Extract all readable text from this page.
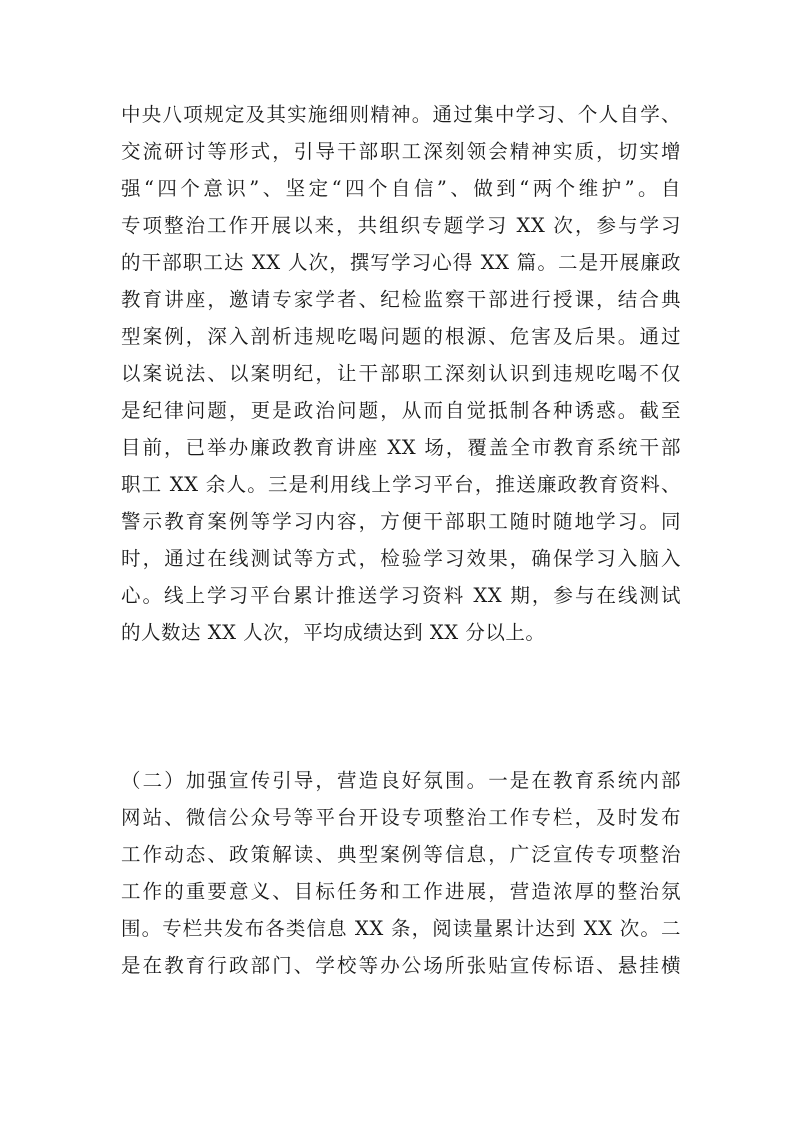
中央八项规定及其实施细则精神。通过集中学习、个人自学、
交流研讨等形式，引导干部职工深刻领会精神实质，切实增
强“四个意识”、坚定“四个自信”、做到“两个维护”。自
专项整治工作开展以来，共组织专题学习 XX 次，参与学习
的干部职工达 XX 人次，撰写学习心得 XX 篇。二是开展廉政
教育讲座，邀请专家学者、纪检监察干部进行授课，结合典
型案例，深入剖析违规吃喝问题的根源、危害及后果。通过
以案说法、以案明纪，让干部职工深刻认识到违规吃喝不仅
是纪律问题，更是政治问题，从而自觉抵制各种诱惑。截至
目前，已举办廉政教育讲座 XX 场，覆盖全市教育系统干部
职工 XX 余人。三是利用线上学习平台，推送廉政教育资料、
警示教育案例等学习内容，方便干部职工随时随地学习。同
时，通过在线测试等方式，检验学习效果，确保学习入脑入
心。线上学习平台累计推送学习资料 XX 期，参与在线测试
的人数达 XX 人次，平均成绩达到 XX 分以上。
（二）加强宣传引导，营造良好氛围。一是在教育系统内部
网站、微信公众号等平台开设专项整治工作专栏，及时发布
工作动态、政策解读、典型案例等信息，广泛宣传专项整治
工作的重要意义、目标任务和工作进展，营造浓厚的整治氛
围。专栏共发布各类信息 XX 条，阅读量累计达到 XX 次。二
是在教育行政部门、学校等办公场所张贴宣传标语、悬挂横
